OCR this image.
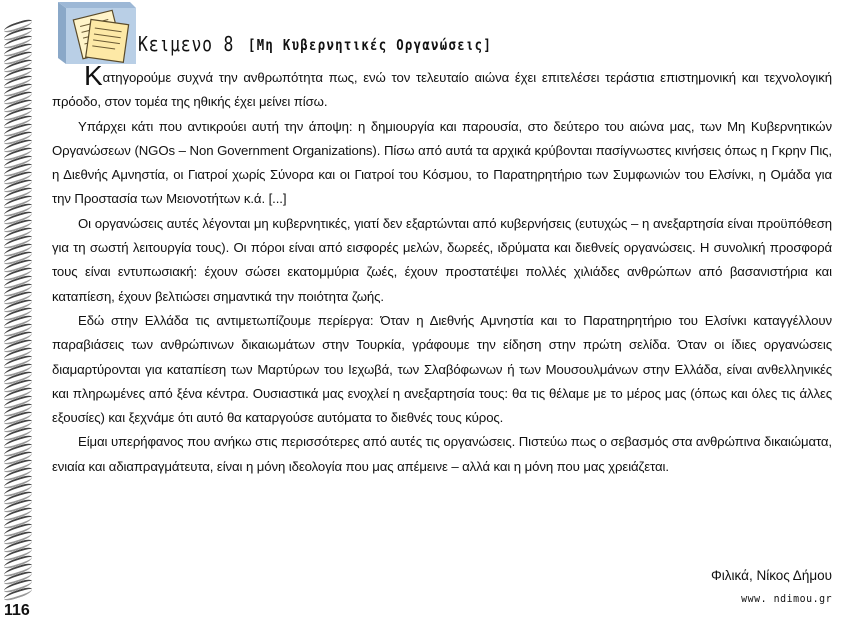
Κειμενο 8 [Μη Κυβερνητικές Οργανώσεις]

Κατηγορούμε συχνά την ανθρωπότητα πως, ενώ τον τελευταίο αιώνα έχει επιτελέσει τεράστια επιστημονική και τεχνολογική πρόοδο, στον τομέα της ηθικής έχει μείνει πίσω.

Υπάρχει κάτι που αντικρούει αυτή την άποψη: η δημιουργία και παρουσία, στο δεύτερο του αιώνα μας, των Μη Κυβερνητικών Οργανώσεων (NGOs – Non Government Organizations). Πίσω από αυτά τα αρχικά κρύβονται πασίγνωστες κινήσεις όπως η Γκρην Πις, η Διεθνής Αμνηστία, οι Γιατροί χωρίς Σύνορα και οι Γιατροί του Κόσμου, το Παρατηρητήριο των Συμφωνιών του Ελσίνκι, η Ομάδα για την Προστασία των Μειονοτήτων κ.ά. [...]

Οι οργανώσεις αυτές λέγονται μη κυβερνητικές, γιατί δεν εξαρτώνται από κυβερνήσεις (ευτυχώς – η ανεξαρτησία είναι προϋπόθεση για τη σωστή λειτουργία τους). Οι πόροι είναι από εισφορές μελών, δωρεές, ιδρύματα και διεθνείς οργανώσεις. Η συνολική προσφορά τους είναι εντυπωσιακή: έχουν σώσει εκατομμύρια ζωές, έχουν προστατέψει πολλές χιλιάδες ανθρώπων από βασανιστήρια και καταπίεση, έχουν βελτιώσει σημαντικά την ποιότητα ζωής.

Εδώ στην Ελλάδα τις αντιμετωπίζουμε περίεργα: Όταν η Διεθνής Αμνηστία και το Παρατηρητήριο του Ελσίνκι καταγγέλλουν παραβιάσεις των ανθρώπινων δικαιωμάτων στην Τουρκία, γράφουμε την είδηση στην πρώτη σελίδα. Όταν οι ίδιες οργανώσεις διαμαρτύρονται για καταπίεση των Μαρτύρων του Ιεχωβά, των Σλαβόφωνων ή των Μουσουλμάνων στην Ελλάδα, είναι ανθελληνικές και πληρωμένες από ξένα κέντρα. Ουσιαστικά μας ενοχλεί η ανεξαρτησία τους: θα τις θέλαμε με το μέρος μας (όπως και όλες τις άλλες εξουσίες) και ξεχνάμε ότι αυτό θα καταργούσε αυτόματα το διεθνές τους κύρος.

Είμαι υπερήφανος που ανήκω στις περισσότερες από αυτές τις οργανώσεις. Πιστεύω πως ο σεβασμός στα ανθρώπινα δικαιώματα, ενιαία και αδιαπραγμάτευτα, είναι η μόνη ιδεολογία που μας απέμεινε – αλλά και η μόνη που μας χρειάζεται.

Φιλικά, Νίκος Δήμου
www. ndimou.gr
116
